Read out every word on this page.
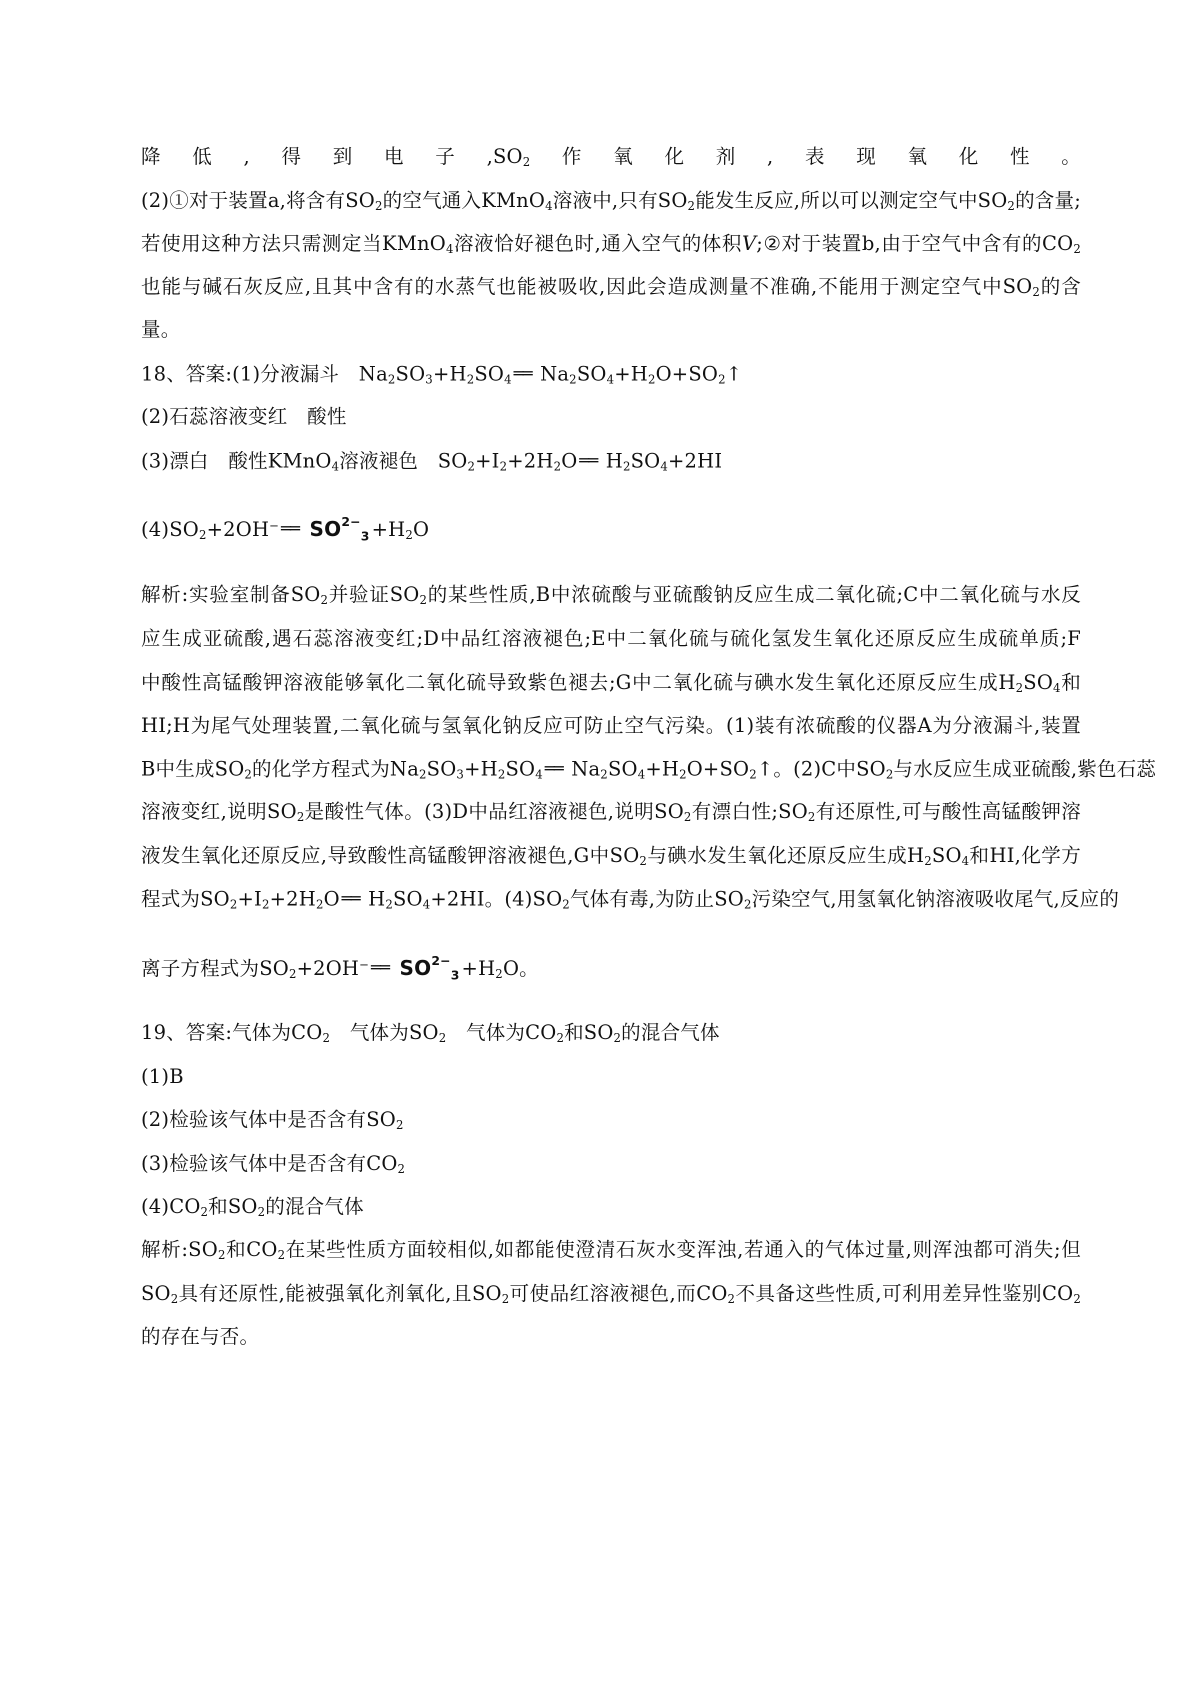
降低,得到电子$,SO_2$作氧化剂,表现氧化性。
(2)①对于装置a,将含有$SO_2$的空气通入KMnO$_4$溶液中,只有$SO_2$能发生反应,所以可以测定空气中$SO_2$的含量;
若使用这种方法只需测定当KMnO$_4$溶液恰好褪色时,通入空气的体积V;②对于装置b,由于空气中含有的$CO_2$
也能与碱石灰反应,且其中含有的水蒸气也能被吸收,因此会造成测量不准确,不能用于测定空气中$SO_2$的含
量。
18、答案:(1)分液漏斗　$Na_2SO_3+H_2SO_4$ ══ $Na_2SO_4+H_2O+SO_2↑$
(2)石蕊溶液变红　酸性
(3)漂白　酸性KMnO$_4$溶液褪色　$SO_2+I_2+2H_2O$ ══ $H_2SO_4+2HI$
$(4)SO_2+2OH^-$ ══ $SO^{2-}_3 +H_2O$
解析:实验室制备$SO_2$并验证$SO_2$的某些性质,B中浓硫酸与亚硫酸钠反应生成二氧化硫;C中二氧化硫与水反
应生成亚硫酸,遇石蕊溶液变红;D中品红溶液褪色;E中二氧化硫与硫化氢发生氧化还原反应生成硫单质;F
中酸性高锰酸钾溶液能够氧化二氧化硫导致紫色褪去;G中二氧化硫与碘水发生氧化还原反应生成$H_2SO_4$和
HI;H为尾气处理装置,二氧化硫与氢氧化钠反应可防止空气污染。(1)装有浓硫酸的仪器A为分液漏斗,装置
B中生成$SO_2$的化学方程式为$Na_2SO_3+H_2SO_4$ ══ $Na_2SO_4+H_2O+SO_2↑$。(2)C中$SO_2$与水反应生成亚硫酸,紫色石蕊
溶液变红,说明$SO_2$是酸性气体。(3)D中品红溶液褪色,说明$SO_2$有漂白性$;SO_2$有还原性,可与酸性高锰酸钾溶
液发生氧化还原反应,导致酸性高锰酸钾溶液褪色,G中$SO_2$与碘水发生氧化还原反应生成$H_2SO_4$和HI,化学方
程式为$SO_2+I_2+2H_2O$ ══ $H_2SO_4+2HI$。$(4)SO_2$气体有毒,为防止$SO_2$污染空气,用氢氧化钠溶液吸收尾气,反应的
离子方程式为$SO_2+2OH^-$ ══ $SO^{2-}_3 +H_2O$。
19、答案:气体为$CO_2$　气体为$SO_2$　气体为$CO_2$和$SO_2$的混合气体
(1)B
(2)检验该气体中是否含有$SO_2$
(3)检验该气体中是否含有$CO_2$
$(4)CO_2$和$SO_2$的混合气体
解析$:SO_2$和$CO_2$在某些性质方面较相似,如都能使澄清石灰水变浑浊,若通入的气体过量,则浑浊都可消失;但
$SO_2$具有还原性,能被强氧化剂氧化,且$SO_2$可使品红溶液褪色,而$CO_2$不具备这些性质,可利用差异性鉴别$CO_2$
的存在与否。
